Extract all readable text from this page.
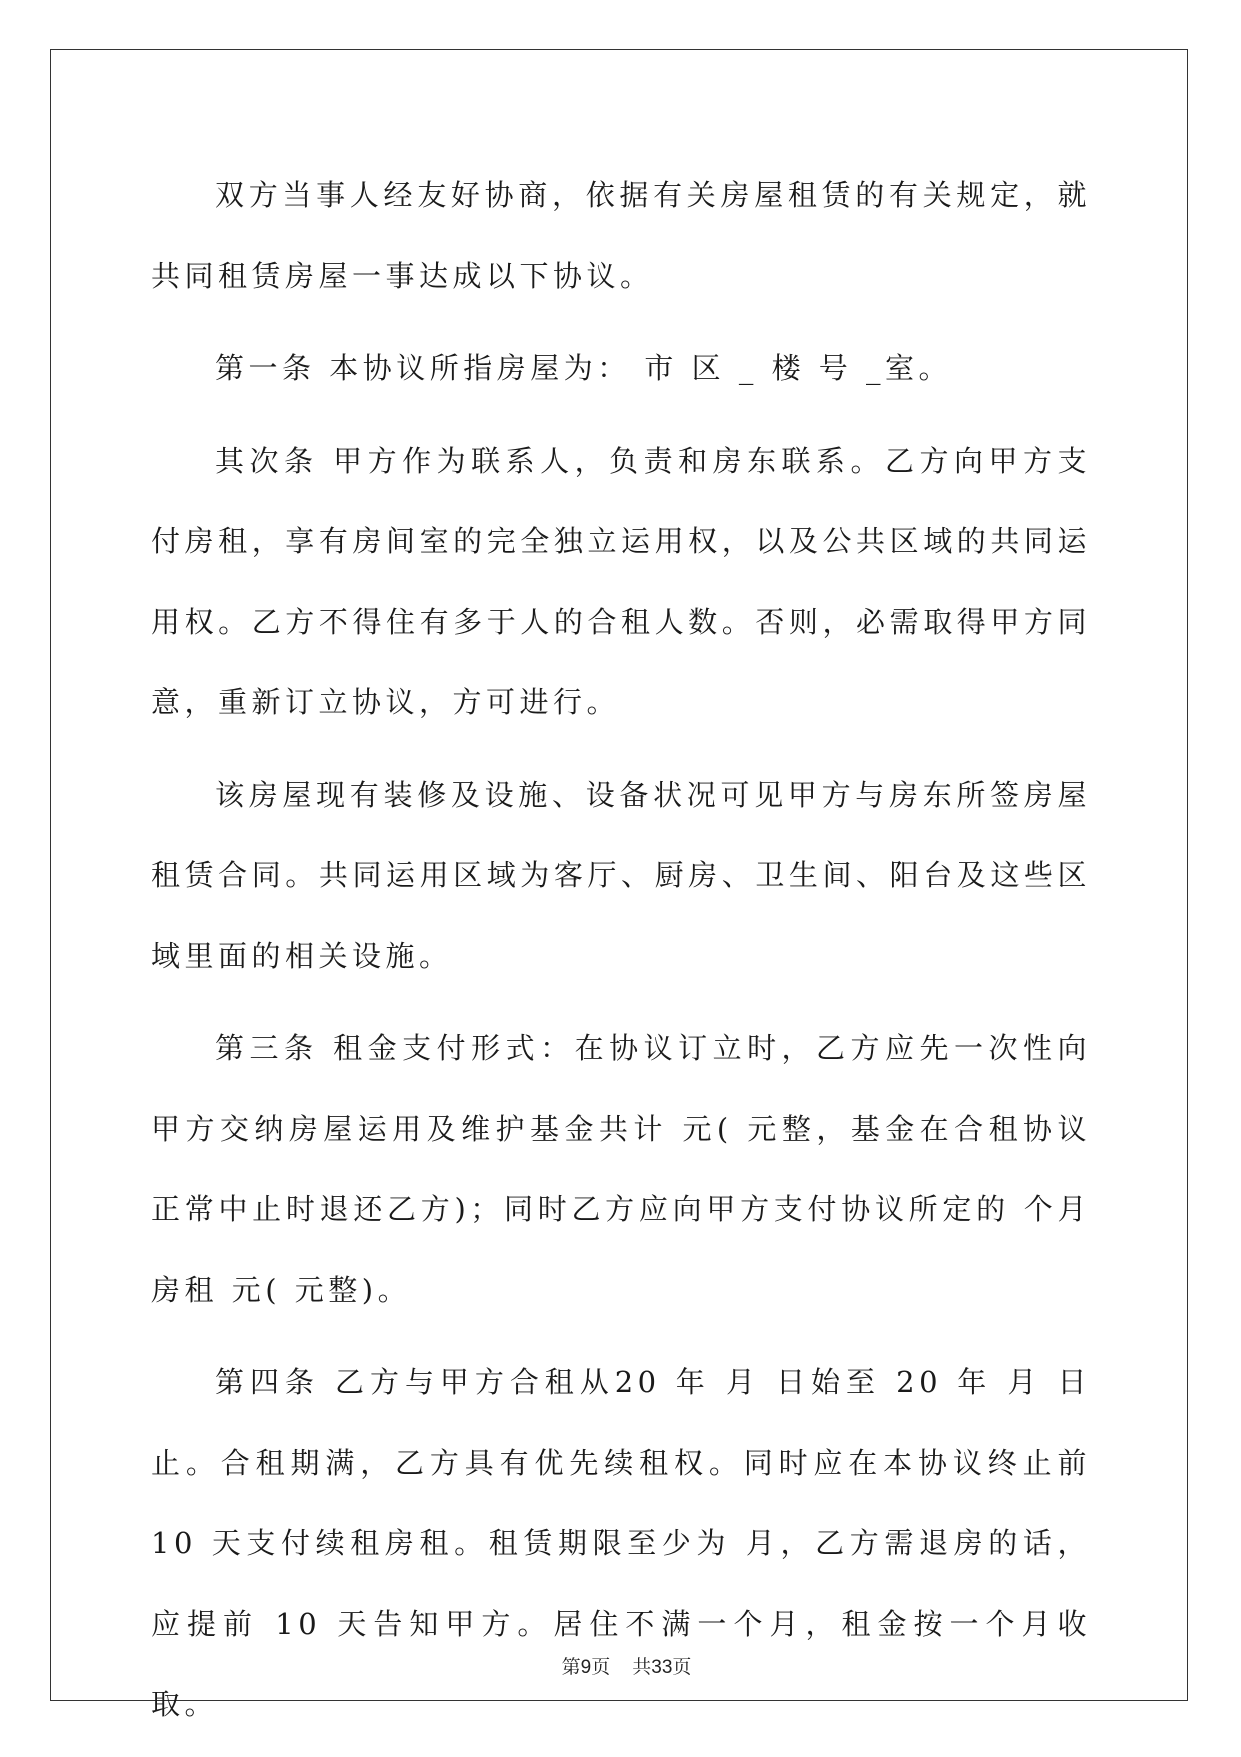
双方当事人经友好协商，依据有关房屋租赁的有关规定，就共同租赁房屋一事达成以下协议。

第一条 本协议所指房屋为： 市 区 _ 楼 号 _室。

其次条 甲方作为联系人，负责和房东联系。乙方向甲方支付房租，享有房间室的完全独立运用权，以及公共区域的共同运用权。乙方不得住有多于人的合租人数。否则，必需取得甲方同意，重新订立协议，方可进行。

该房屋现有装修及设施、设备状况可见甲方与房东所签房屋租赁合同。共同运用区域为客厅、厨房、卫生间、阳台及这些区域里面的相关设施。

第三条 租金支付形式：在协议订立时，乙方应先一次性向甲方交纳房屋运用及维护基金共计 元( 元整，基金在合租协议正常中止时退还乙方)；同时乙方应向甲方支付协议所定的 个月房租 元( 元整)。

第四条 乙方与甲方合租从20 年 月 日始至 20 年 月 日止。合租期满，乙方具有优先续租权。同时应在本协议终止前 10 天支付续租房租。租赁期限至少为 月，乙方需退房的话，应提前 10 天告知甲方。居住不满一个月，租金按一个月收取。

第9页 共33页
